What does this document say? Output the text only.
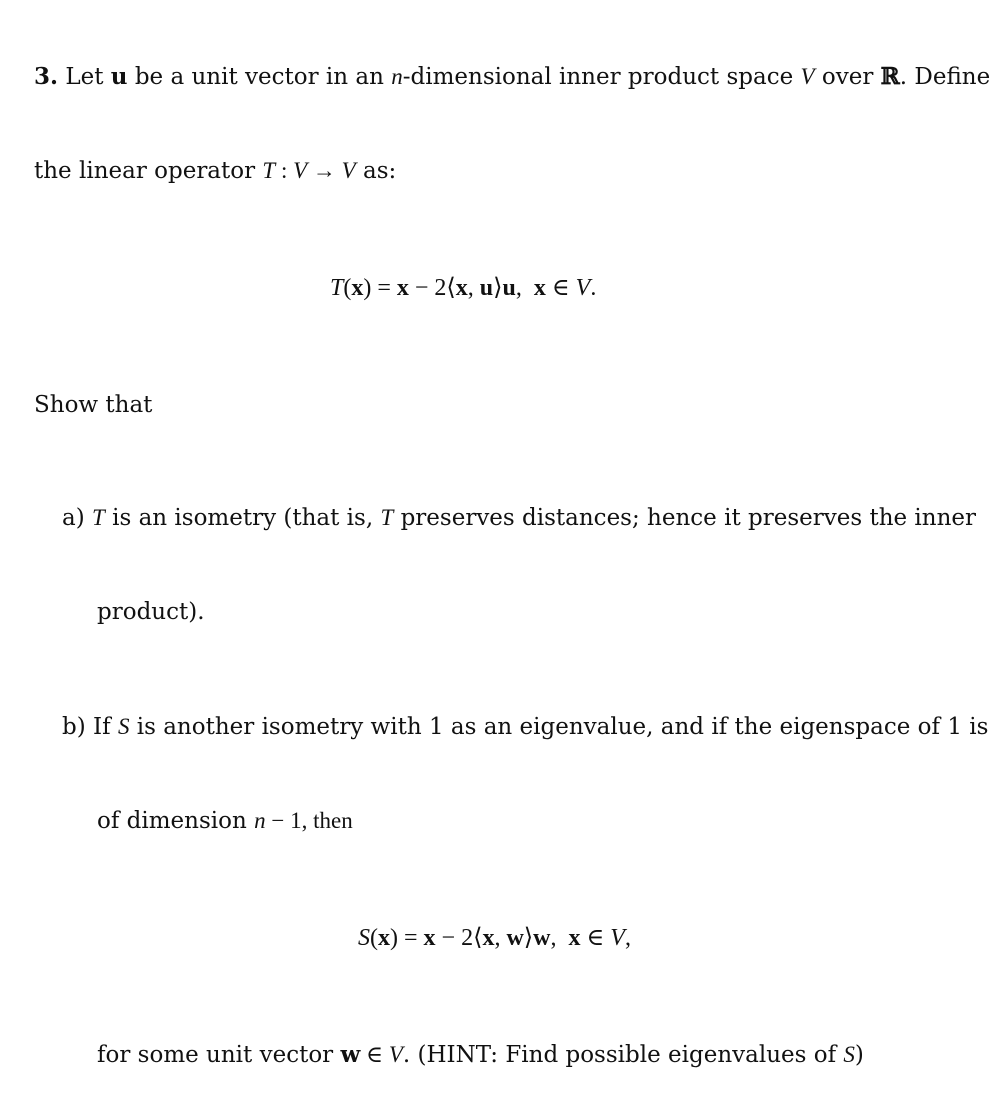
3. Let u be a unit vector in an n-dimensional inner product space V over ℝ. Define
the linear operator T : V → V as:
T(x) = x − 2⟨x, u⟩u,  x ∈ V.
Show that
a) T is an isometry (that is, T preserves distances; hence it preserves the inner
product).
b) If S is another isometry with 1 as an eigenvalue, and if the eigenspace of 1 is
of dimension n − 1, then
S(x) = x − 2⟨x, w⟩w,  x ∈ V,
for some unit vector w ∈ V. (HINT: Find possible eigenvalues of S)
